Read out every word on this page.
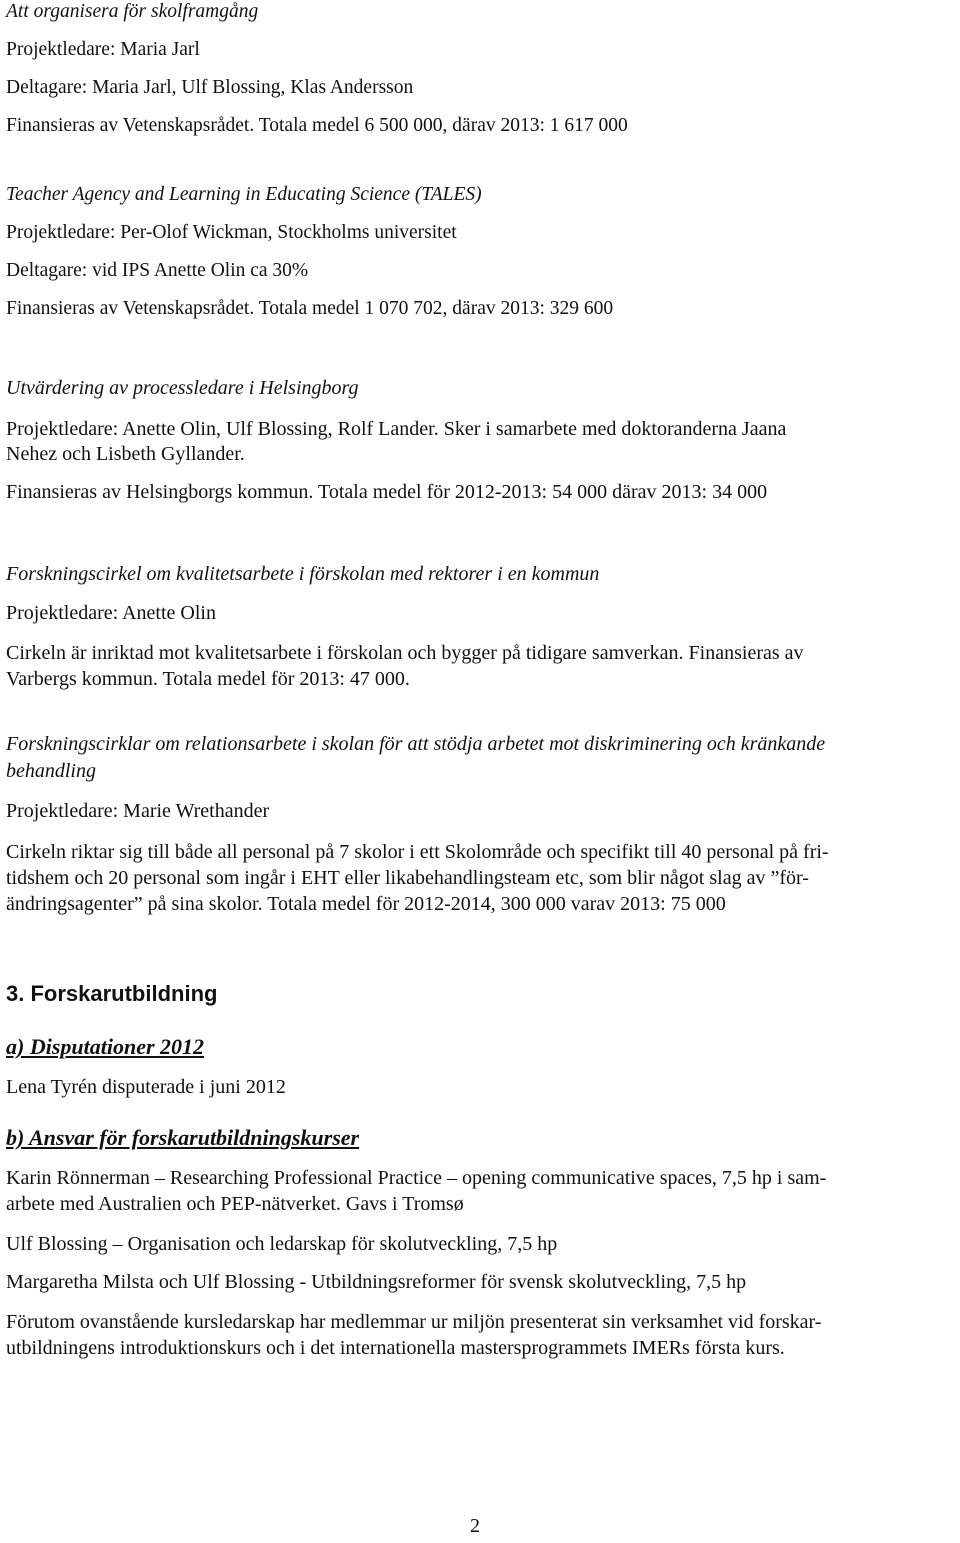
Att organisera för skolframgång
Projektledare: Maria Jarl
Deltagare: Maria Jarl, Ulf Blossing, Klas Andersson
Finansieras av Vetenskapsrådet. Totala medel 6 500 000, därav 2013: 1 617 000
Teacher Agency and Learning in Educating Science (TALES)
Projektledare: Per-Olof Wickman, Stockholms universitet
Deltagare: vid IPS Anette Olin ca 30%
Finansieras av Vetenskapsrådet. Totala medel 1 070 702, därav 2013: 329 600
Utvärdering av processledare i Helsingborg
Projektledare: Anette Olin, Ulf Blossing, Rolf Lander. Sker i samarbete med doktoranderna Jaana
Nehez och Lisbeth Gyllander.
Finansieras av Helsingborgs kommun. Totala medel för 2012-2013: 54 000 därav 2013: 34 000
Forskningscirkel om kvalitetsarbete i förskolan med rektorer i en kommun
Projektledare: Anette Olin
Cirkeln är inriktad mot kvalitetsarbete i förskolan och bygger på tidigare samverkan. Finansieras av
Varbergs kommun. Totala medel för 2013: 47 000.
Forskningscirklar om relationsarbete i skolan för att stödja arbetet mot diskriminering och kränkande
behandling
Projektledare: Marie Wrethander
Cirkeln riktar sig till både all personal på 7 skolor i ett Skolområde och specifikt till 40 personal på fri-
tidshem och 20 personal som ingår i EHT eller likabehandlingsteam etc, som blir något slag av ”för-
ändringsagenter” på sina skolor. Totala medel för 2012-2014, 300 000 varav 2013: 75 000
3. Forskarutbildning
a) Disputationer 2012
Lena Tyrén disputerade i juni 2012
b) Ansvar för forskarutbildningskurser
Karin Rönnerman – Researching Professional Practice – opening communicative spaces, 7,5 hp i sam-
arbete med Australien och PEP-nätverket. Gavs i Tromsø
Ulf Blossing – Organisation och ledarskap för skolutveckling, 7,5 hp
Margaretha Milsta och Ulf Blossing - Utbildningsreformer för svensk skolutveckling, 7,5 hp
Förutom ovanstående kursledarskap har medlemmar ur miljön presenterat sin verksamhet vid forskar-
utbildningens introduktionskurs och i det internationella mastersprogrammets IMERs första kurs.
2
